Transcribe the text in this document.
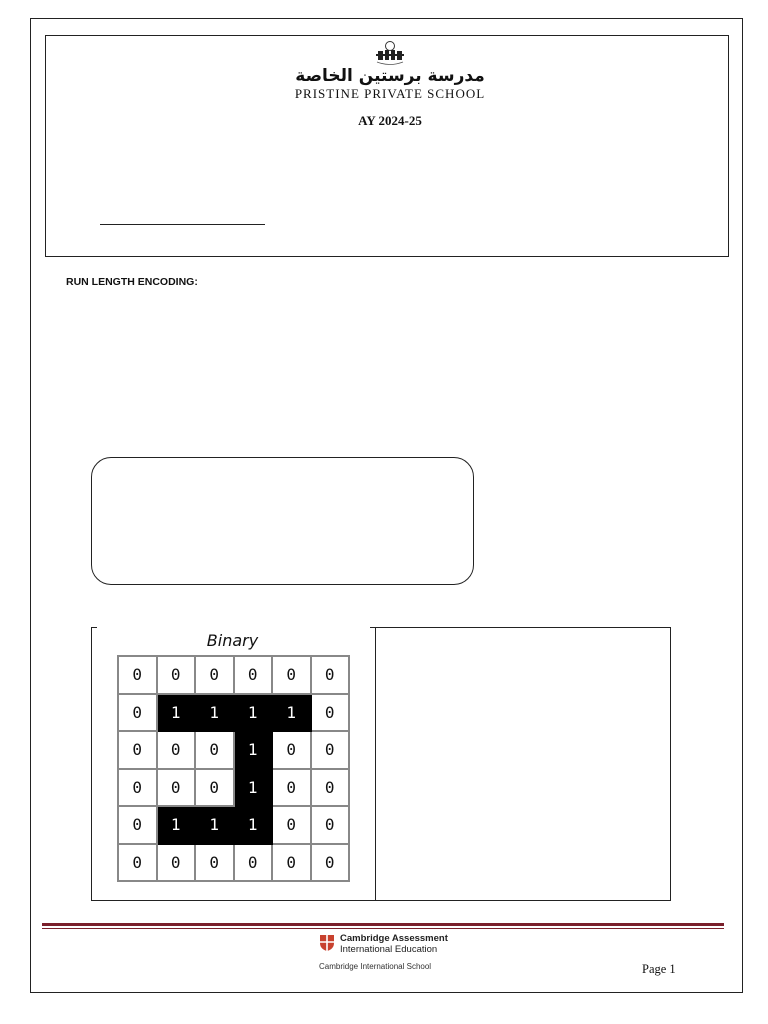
مدرسة برستين الخاصة
PRISTINE PRIVATE SCHOOL
AY 2024-25
RUN LENGTH ENCODING:
Binary
0	0	0	0	0	0
0	1	1	1	1	0
0	0	0	1	0	0
0	0	0	1	0	0
0	1	1	1	0	0
0	0	0	0	0	0
Cambridge Assessment
International Education
Cambridge International School	Page 1
